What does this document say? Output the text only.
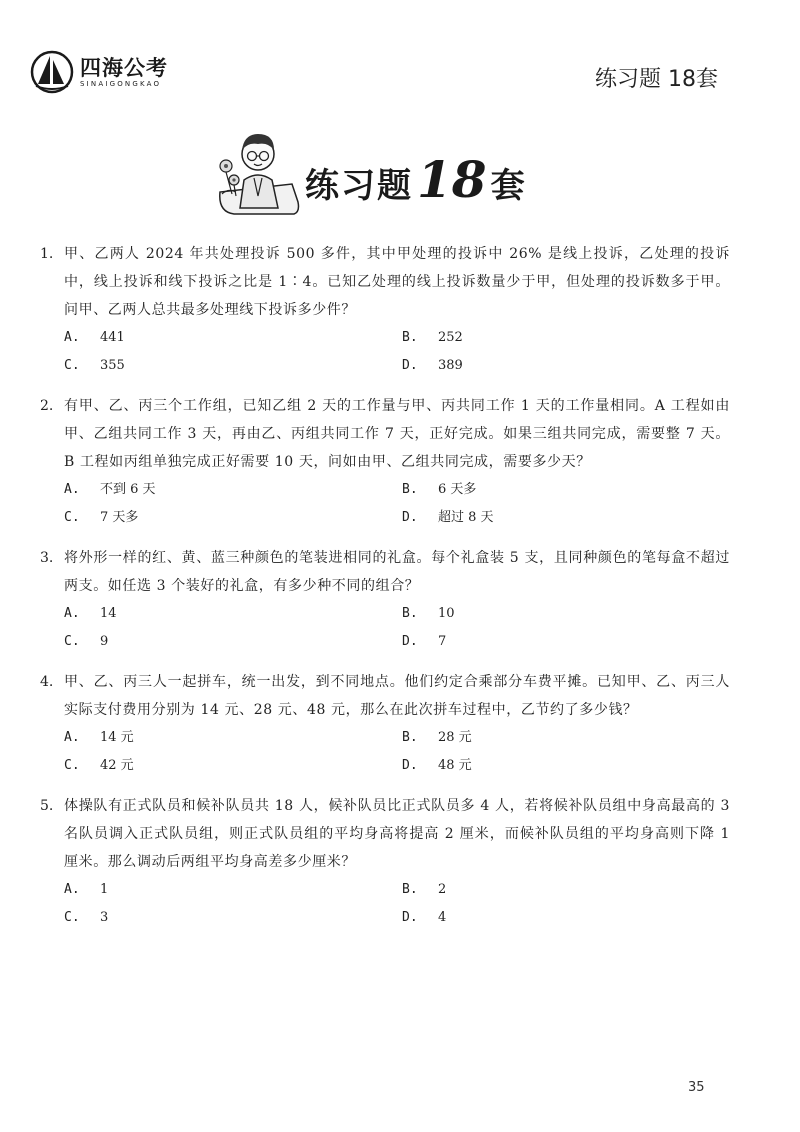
四海公考
SINAIGONGKAO	练习题 18套
练习题 18 套
1. 甲、乙两人 2024 年共处理投诉 500 多件，其中甲处理的投诉中 26% 是线上投诉，乙处理的投诉中，线上投诉和线下投诉之比是 1∶4。已知乙处理的线上投诉数量少于甲，但处理的投诉数多于甲。问甲、乙两人总共最多处理线下投诉多少件？
A.	441	B.	252
C.	355	D.	389
2. 有甲、乙、丙三个工作组，已知乙组 2 天的工作量与甲、丙共同工作 1 天的工作量相同。A 工程如由甲、乙组共同工作 3 天，再由乙、丙组共同工作 7 天，正好完成。如果三组共同完成，需要整 7 天。B 工程如丙组单独完成正好需要 10 天，问如由甲、乙组共同完成，需要多少天？
A.	不到 6 天	B.	6 天多
C.	7 天多	D.	超过 8 天
3. 将外形一样的红、黄、蓝三种颜色的笔装进相同的礼盒。每个礼盒装 5 支，且同种颜色的笔每盒不超过两支。如任选 3 个装好的礼盒，有多少种不同的组合？
A.	14	B.	10
C.	9	D.	7
4. 甲、乙、丙三人一起拼车，统一出发，到不同地点。他们约定合乘部分车费平摊。已知甲、乙、丙三人实际支付费用分别为 14 元、28 元、48 元，那么在此次拼车过程中，乙节约了多少钱？
A.	14 元	B.	28 元
C.	42 元	D.	48 元
5. 体操队有正式队员和候补队员共 18 人，候补队员比正式队员多 4 人，若将候补队员组中身高最高的 3 名队员调入正式队员组，则正式队员组的平均身高将提高 2 厘米，而候补队员组的平均身高则下降 1 厘米。那么调动后两组平均身高差多少厘米？
A.	1	B.	2
C.	3	D.	4
35
